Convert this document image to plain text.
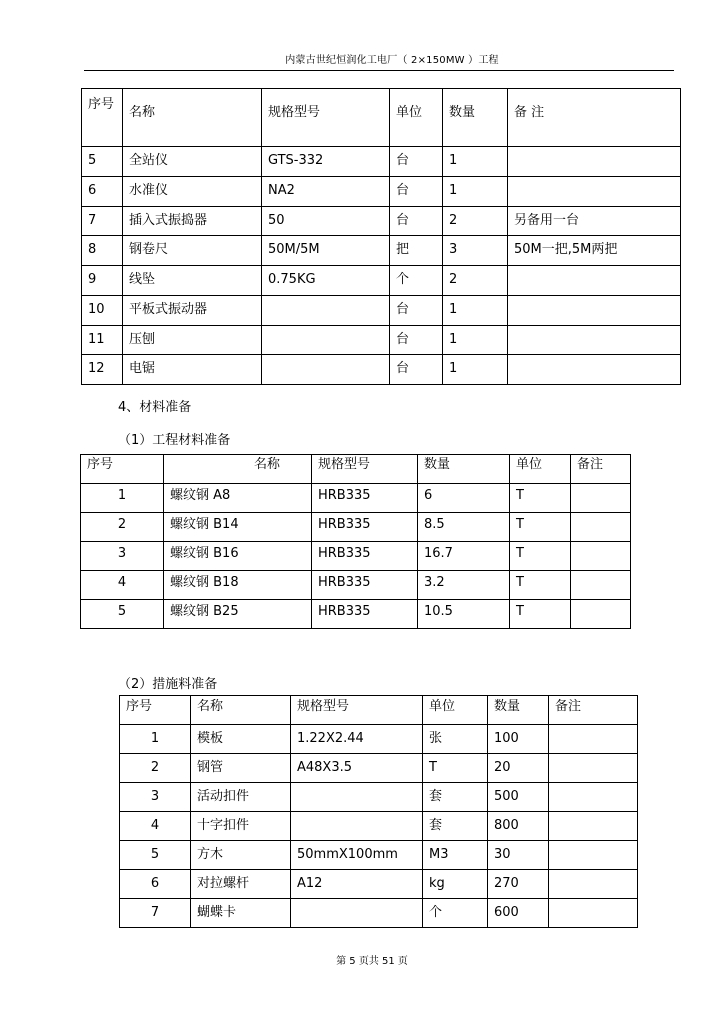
内蒙古世纪恒润化工电厂（ 2×150MW ）工程
序号	名称	规格型号	单位	数量	备 注
5	全站仪	GTS-332	台	1	
6	水准仪	NA2	台	1	
7	插入式振捣器	50	台	2	另备用一台
8	钢卷尺	50M/5M	把	3	50M一把,5M两把
9	线坠	0.75KG	个	2	
10	平板式振动器		台	1	
11	压刨		台	1	
12	电锯		台	1	
4、材料准备
（1）工程材料准备
序号	名称	规格型号	数量	单位	备注
1	螺纹钢 A8	HRB335	6	T	
2	螺纹钢 B14	HRB335	8.5	T	
3	螺纹钢 B16	HRB335	16.7	T	
4	螺纹钢 B18	HRB335	3.2	T	
5	螺纹钢 B25	HRB335	10.5	T	
（2）措施料准备
序号	名称	规格型号	单位	数量	备注
1	模板	1.22X2.44	张	100	
2	钢管	A48X3.5	T	20	
3	活动扣件		套	500	
4	十字扣件		套	800	
5	方木	50mmX100mm	M3	30	
6	对拉螺杆	A12	kg	270	
7	蝴蝶卡		个	600	
第 5 页共 51 页
